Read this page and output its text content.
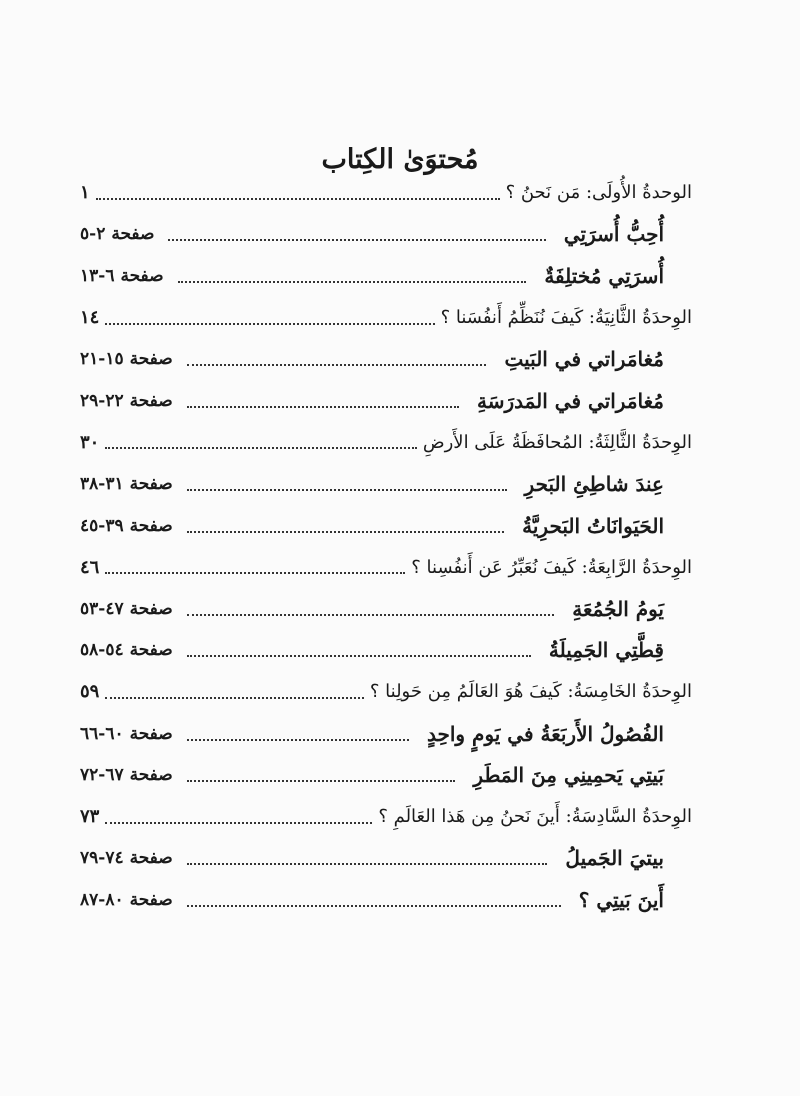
مُحتوَىٰ الكِتاب
الوحدةُ الأُولَى: مَن نَحنُ ؟
١
أُحِبُّ أُسرَتِي
صفحة٢-٥
أُسرَتِي مُختلِفَةٌ
صفحة٦-١٣
الوِحدَةُ الثَّانِيَةُ: كَيفَ نُنَظِّمُ أَنفُسَنا ؟
١٤
مُغامَراتي في البَيتِ
صفحة١٥-٢١
مُغامَراتي في المَدرَسَةِ
صفحة٢٢-٢٩
الوِحدَةُ الثَّالِثَةُ: المُحافَظَةُ عَلَى الأَرضِ
٣٠
عِندَ شاطِئِ البَحرِ
صفحة٣١-٣٨
الحَيَوانَاتُ البَحرِيَّةُ
صفحة٣٩-٤٥
الوِحدَةُ الرَّابِعَةُ: كَيفَ نُعَبِّرُ عَن أَنفُسِنا ؟
٤٦
يَومُ الجُمُعَةِ
صفحة٤٧-٥٣
قِطَّتِي الجَمِيلَةُ
صفحة٥٤-٥٨
الوِحدَةُ الخَامِسَةُ: كَيفَ هُوَ العَالَمُ مِن حَولِنا ؟
٥٩
الفُصُولُ الأَربَعَةُ في يَومٍ واحِدٍ
صفحة٦٠-٦٦
بَيتِي يَحمِينِي مِنَ المَطَرِ
صفحة٦٧-٧٢
الوِحدَةُ السَّادِسَةُ: أَينَ نَحنُ مِن هَذا العَالَمِ ؟
٧٣
بيتيَ الجَميلُ
صفحة٧٤-٧٩
أَينَ بَيتِي ؟
صفحة٨٠-٨٧
